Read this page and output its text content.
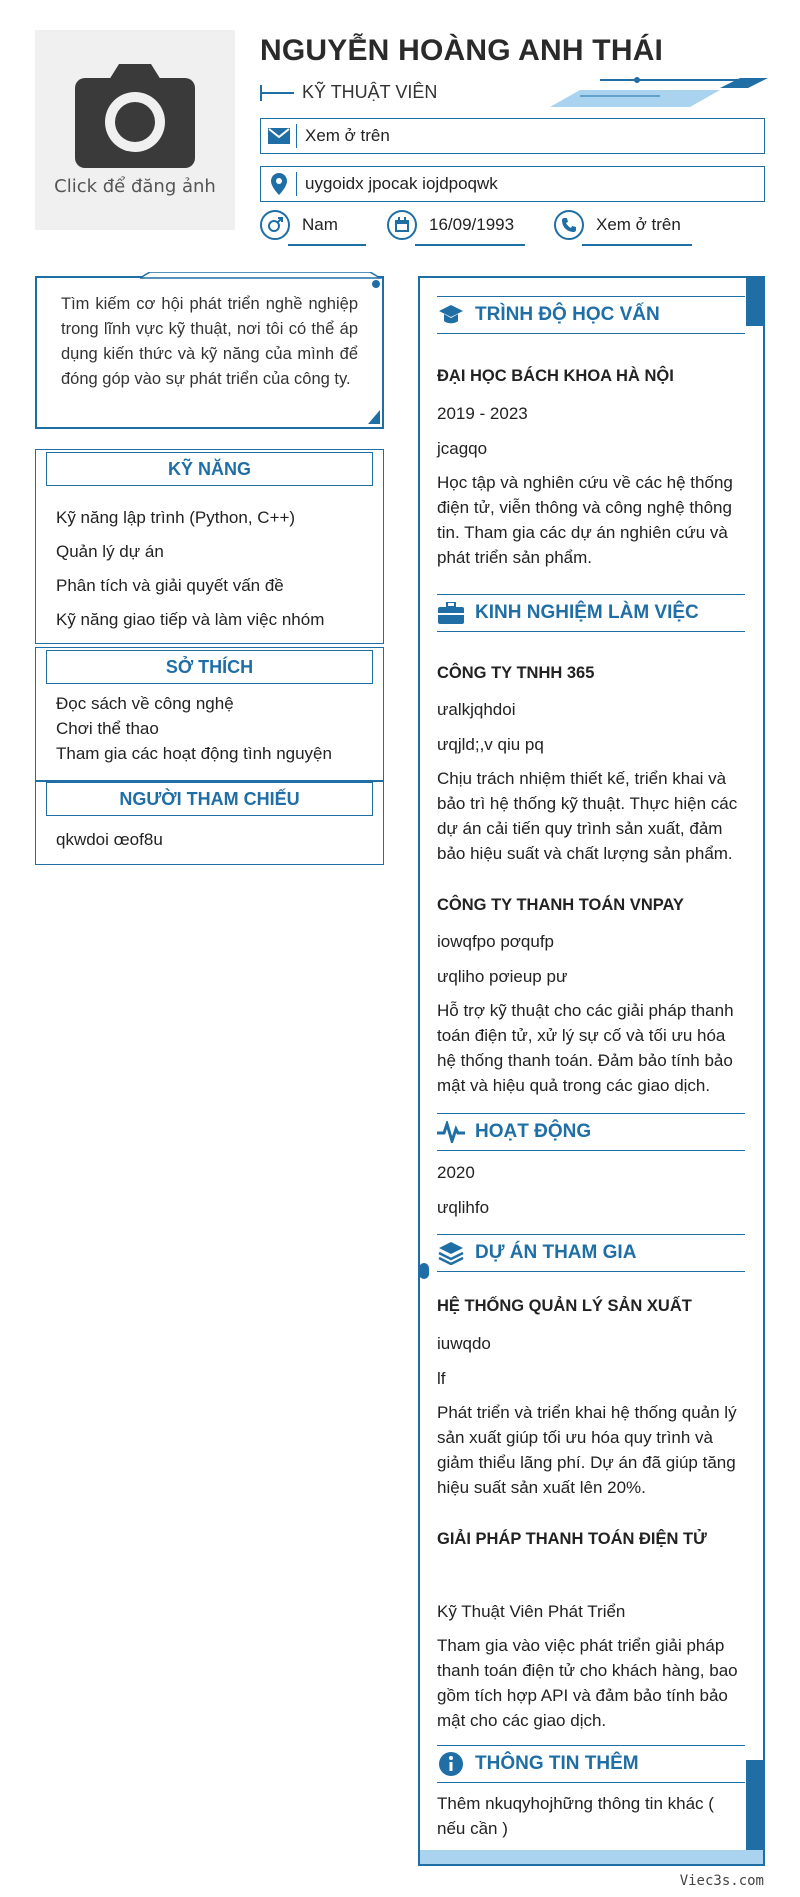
Click để đăng ảnh
NGUYỄN HOÀNG ANH THÁI
KỸ THUẬT VIÊN
Xem ở trên
uygoidx jpocak iojdpoqwk
Nam	16/09/1993	Xem ở trên
Tìm kiếm cơ hội phát triển nghề nghiệp trong lĩnh vực kỹ thuật, nơi tôi có thể áp dụng kiến thức và kỹ năng của mình để đóng góp vào sự phát triển của công ty.
KỸ NĂNG
Kỹ năng lập trình (Python, C++)
Quản lý dự án
Phân tích và giải quyết vấn đề
Kỹ năng giao tiếp và làm việc nhóm
SỞ THÍCH
Đọc sách về công nghệ
Chơi thể thao
Tham gia các hoạt động tình nguyện
NGƯỜI THAM CHIẾU
qkwdoi œof8u
TRÌNH ĐỘ HỌC VẤN
ĐẠI HỌC BÁCH KHOA HÀ NỘI
2019 - 2023
jcagqo
Học tập và nghiên cứu về các hệ thống điện tử, viễn thông và công nghệ thông tin. Tham gia các dự án nghiên cứu và phát triển sản phẩm.
KINH NGHIỆM LÀM VIỆC
CÔNG TY TNHH 365
ưalkjqhdoi
ưqjld;,v qiu pq
Chịu trách nhiệm thiết kế, triển khai và bảo trì hệ thống kỹ thuật. Thực hiện các dự án cải tiến quy trình sản xuất, đảm bảo hiệu suất và chất lượng sản phẩm.
CÔNG TY THANH TOÁN VNPAY
iowqfpo pơqufp
ưqliho pơieup pư
Hỗ trợ kỹ thuật cho các giải pháp thanh toán điện tử, xử lý sự cố và tối ưu hóa hệ thống thanh toán. Đảm bảo tính bảo mật và hiệu quả trong các giao dịch.
HOẠT ĐỘNG
2020
ưqlihfo
DỰ ÁN THAM GIA
HỆ THỐNG QUẢN LÝ SẢN XUẤT
iuwqdo
lf
Phát triển và triển khai hệ thống quản lý sản xuất giúp tối ưu hóa quy trình và giảm thiểu lãng phí. Dự án đã giúp tăng hiệu suất sản xuất lên 20%.
GIẢI PHÁP THANH TOÁN ĐIỆN TỬ
Kỹ Thuật Viên Phát Triển
Tham gia vào việc phát triển giải pháp thanh toán điện tử cho khách hàng, bao gồm tích hợp API và đảm bảo tính bảo mật cho các giao dịch.
THÔNG TIN THÊM
Thêm nkuqyhojhững thông tin khác ( nếu cần )
Viec3s.com
